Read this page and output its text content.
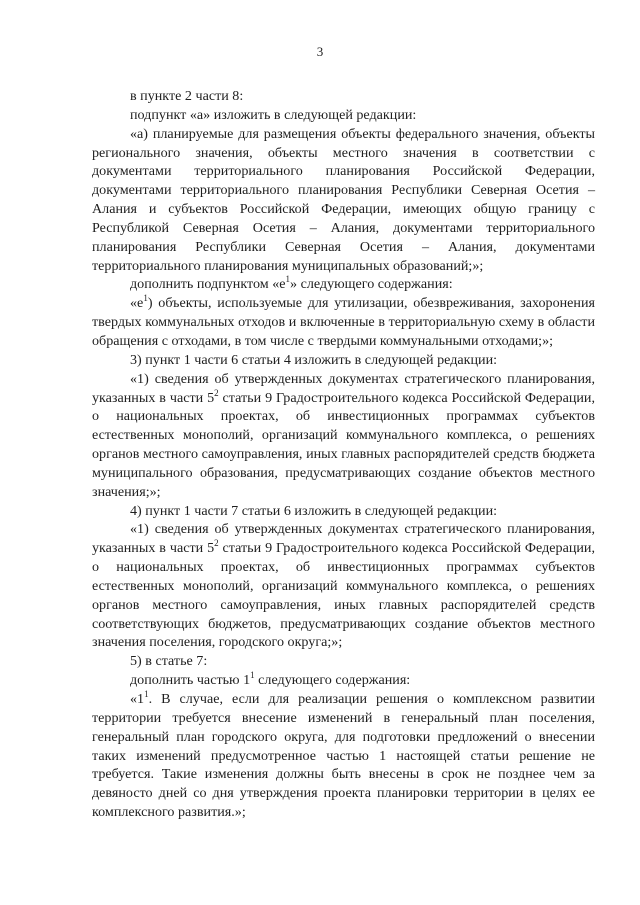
3

в пункте 2 части 8:

подпункт «а» изложить в следующей редакции:

«а) планируемые для размещения объекты федерального значения, объекты регионального значения, объекты местного значения в соответствии с документами территориального планирования Российской Федерации, документами территориального планирования Республики Северная Осетия – Алания и субъектов Российской Федерации, имеющих общую границу с Республикой Северная Осетия – Алания, документами территориального планирования Республики Северная Осетия – Алания, документами территориального планирования муниципальных образований;»;

дополнить подпунктом «$е^1$» следующего содержания:

«$е^1$) объекты, используемые для утилизации, обезвреживания, захоронения твердых коммунальных отходов и включенные в территориальную схему в области обращения с отходами, в том числе с твердыми коммунальными отходами;»;

3) пункт 1 части 6 статьи 4 изложить в следующей редакции:

«1) сведения об утвержденных документах стратегического планирования, указанных в части $5^2$ статьи 9 Градостроительного кодекса Российской Федерации, о национальных проектах, об инвестиционных программах субъектов естественных монополий, организаций коммунального комплекса, о решениях органов местного самоуправления, иных главных распорядителей средств бюджета муниципального образования, предусматривающих создание объектов местного значения;»;

4) пункт 1 части 7 статьи 6 изложить в следующей редакции:

«1) сведения об утвержденных документах стратегического планирования, указанных в части $5^2$ статьи 9 Градостроительного кодекса Российской Федерации, о национальных проектах, об инвестиционных программах субъектов естественных монополий, организаций коммунального комплекса, о решениях органов местного самоуправления, иных главных распорядителей средств соответствующих бюджетов, предусматривающих создание объектов местного значения поселения, городского округа;»;

5) в статье 7:

дополнить частью $1^1$ следующего содержания:

«$1^1$. В случае, если для реализации решения о комплексном развитии территории требуется внесение изменений в генеральный план поселения, генеральный план городского округа, для подготовки предложений о внесении таких изменений предусмотренное частью 1 настоящей статьи решение не требуется. Такие изменения должны быть внесены в срок не позднее чем за девяносто дней со дня утверждения проекта планировки территории в целях ее комплексного развития.»;
